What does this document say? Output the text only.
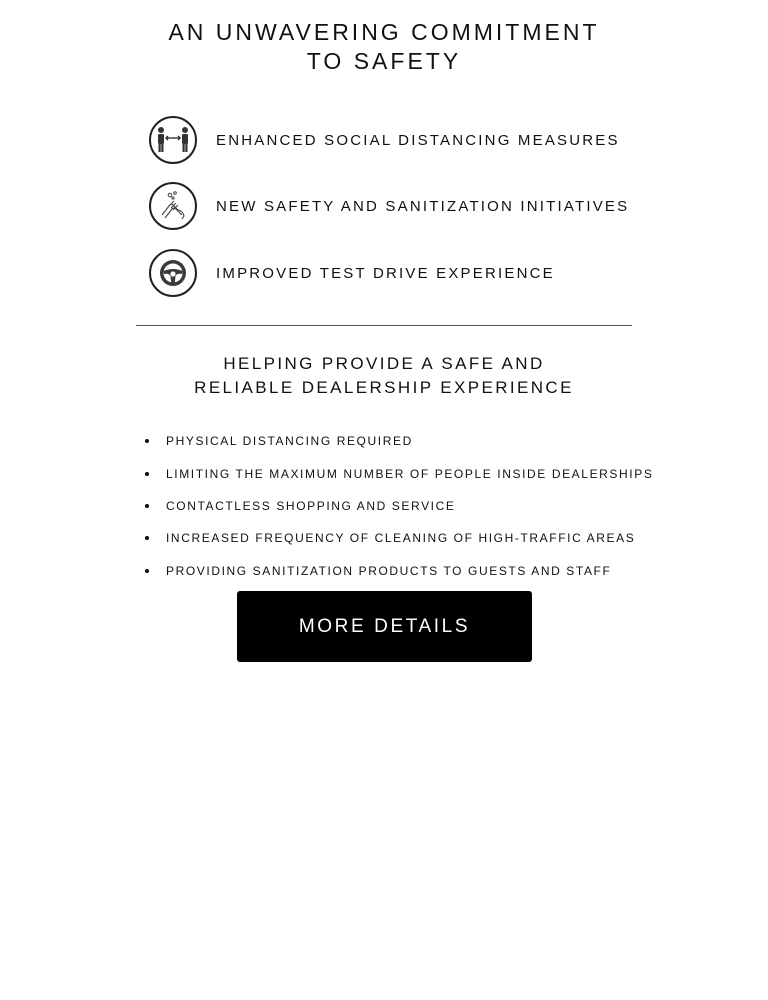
AN UNWAVERING COMMITMENT
TO SAFETY
ENHANCED SOCIAL DISTANCING MEASURES
NEW SAFETY AND SANITIZATION INITIATIVES
IMPROVED TEST DRIVE EXPERIENCE
HELPING PROVIDE A SAFE AND
RELIABLE DEALERSHIP EXPERIENCE
PHYSICAL DISTANCING REQUIRED
LIMITING THE MAXIMUM NUMBER OF PEOPLE INSIDE DEALERSHIPS
CONTACTLESS SHOPPING AND SERVICE
INCREASED FREQUENCY OF CLEANING OF HIGH-TRAFFIC AREAS
PROVIDING SANITIZATION PRODUCTS TO GUESTS AND STAFF
MORE DETAILS
